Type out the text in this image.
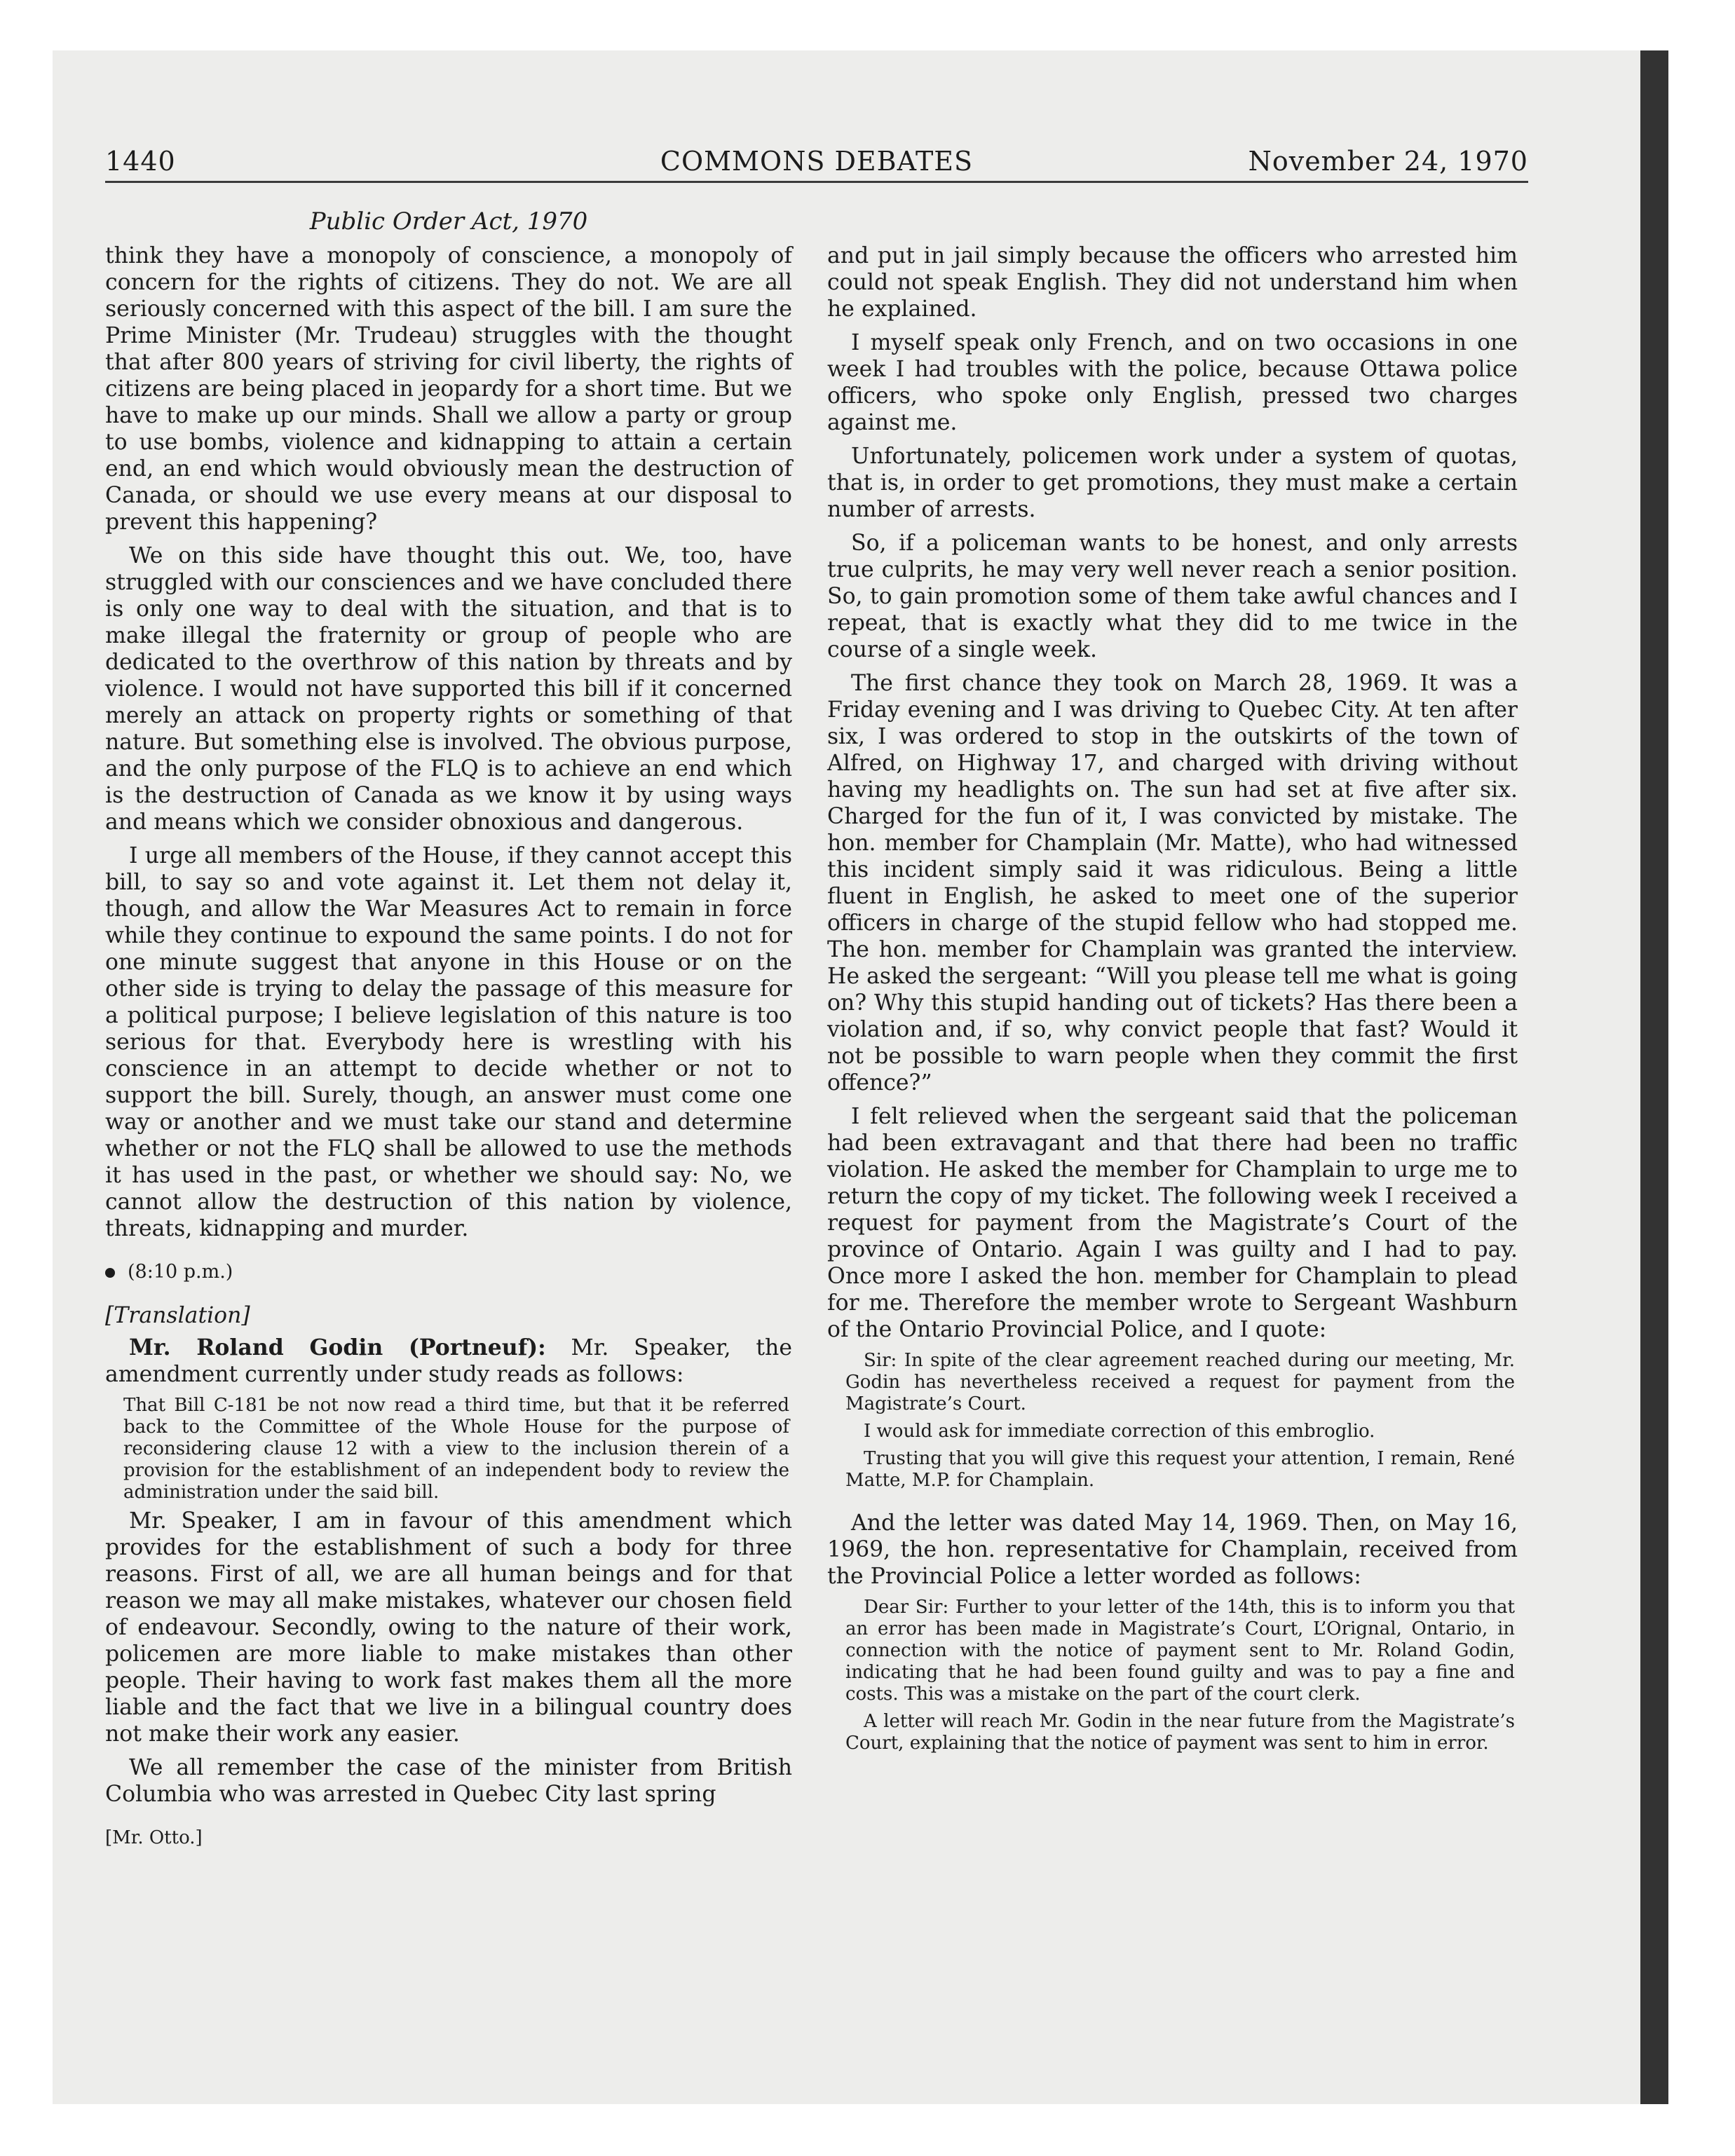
1440	COMMONS DEBATES	November 24, 1970
Public Order Act, 1970

think they have a monopoly of conscience, a monopoly of concern for the rights of citizens. They do not. We are all seriously concerned with this aspect of the bill. I am sure the Prime Minister (Mr. Trudeau) struggles with the thought that after 800 years of striving for civil liberty, the rights of citizens are being placed in jeopardy for a short time. But we have to make up our minds. Shall we allow a party or group to use bombs, violence and kidnapping to attain a certain end, an end which would obviously mean the destruction of Canada, or should we use every means at our disposal to prevent this happening?

We on this side have thought this out. We, too, have struggled with our consciences and we have concluded there is only one way to deal with the situation, and that is to make illegal the fraternity or group of people who are dedicated to the overthrow of this nation by threats and by violence. I would not have supported this bill if it concerned merely an attack on property rights or something of that nature. But something else is involved. The obvious purpose, and the only purpose of the FLQ is to achieve an end which is the destruction of Canada as we know it by using ways and means which we consider obnoxious and dangerous.

I urge all members of the House, if they cannot accept this bill, to say so and vote against it. Let them not delay it, though, and allow the War Measures Act to remain in force while they continue to expound the same points. I do not for one minute suggest that anyone in this House or on the other side is trying to delay the passage of this measure for a political purpose; I believe legislation of this nature is too serious for that. Everybody here is wrestling with his conscience in an attempt to decide whether or not to support the bill. Surely, though, an answer must come one way or another and we must take our stand and determine whether or not the FLQ shall be allowed to use the methods it has used in the past, or whether we should say: No, we cannot allow the destruction of this nation by violence, threats, kidnapping and murder.

(8:10 p.m.)
[Translation]

Mr. Roland Godin (Portneuf): Mr. Speaker, the amendment currently under study reads as follows:

That Bill C-181 be not now read a third time, but that it be referred back to the Committee of the Whole House for the purpose of reconsidering clause 12 with a view to the inclusion therein of a provision for the establishment of an independent body to review the administration under the said bill.

Mr. Speaker, I am in favour of this amendment which provides for the establishment of such a body for three reasons. First of all, we are all human beings and for that reason we may all make mistakes, whatever our chosen field of endeavour. Secondly, owing to the nature of their work, policemen are more liable to make mistakes than other people. Their having to work fast makes them all the more liable and the fact that we live in a bilingual country does not make their work any easier.

We all remember the case of the minister from British Columbia who was arrested in Quebec City last spring

[Mr. Otto.]

and put in jail simply because the officers who arrested him could not speak English. They did not understand him when he explained.

I myself speak only French, and on two occasions in one week I had troubles with the police, because Ottawa police officers, who spoke only English, pressed two charges against me.

Unfortunately, policemen work under a system of quotas, that is, in order to get promotions, they must make a certain number of arrests.

So, if a policeman wants to be honest, and only arrests true culprits, he may very well never reach a senior position. So, to gain promotion some of them take awful chances and I repeat, that is exactly what they did to me twice in the course of a single week.

The first chance they took on March 28, 1969. It was a Friday evening and I was driving to Quebec City. At ten after six, I was ordered to stop in the outskirts of the town of Alfred, on Highway 17, and charged with driving without having my headlights on. The sun had set at five after six. Charged for the fun of it, I was convicted by mistake. The hon. member for Champlain (Mr. Matte), who had witnessed this incident simply said it was ridiculous. Being a little fluent in English, he asked to meet one of the superior officers in charge of the stupid fellow who had stopped me. The hon. member for Champlain was granted the interview. He asked the sergeant: “Will you please tell me what is going on? Why this stupid handing out of tickets? Has there been a violation and, if so, why convict people that fast? Would it not be possible to warn people when they commit the first offence?”

I felt relieved when the sergeant said that the policeman had been extravagant and that there had been no traffic violation. He asked the member for Champlain to urge me to return the copy of my ticket. The following week I received a request for payment from the Magistrate’s Court of the province of Ontario. Again I was guilty and I had to pay. Once more I asked the hon. member for Champlain to plead for me. Therefore the member wrote to Sergeant Washburn of the Ontario Provincial Police, and I quote:

Sir: In spite of the clear agreement reached during our meeting, Mr. Godin has nevertheless received a request for payment from the Magistrate’s Court.

I would ask for immediate correction of this embroglio.

Trusting that you will give this request your attention, I remain, René Matte, M.P. for Champlain.

And the letter was dated May 14, 1969. Then, on May 16, 1969, the hon. representative for Champlain, received from the Provincial Police a letter worded as follows:

Dear Sir: Further to your letter of the 14th, this is to inform you that an error has been made in Magistrate’s Court, L’Orignal, Ontario, in connection with the notice of payment sent to Mr. Roland Godin, indicating that he had been found guilty and was to pay a fine and costs. This was a mistake on the part of the court clerk.

A letter will reach Mr. Godin in the near future from the Magistrate’s Court, explaining that the notice of payment was sent to him in error.
